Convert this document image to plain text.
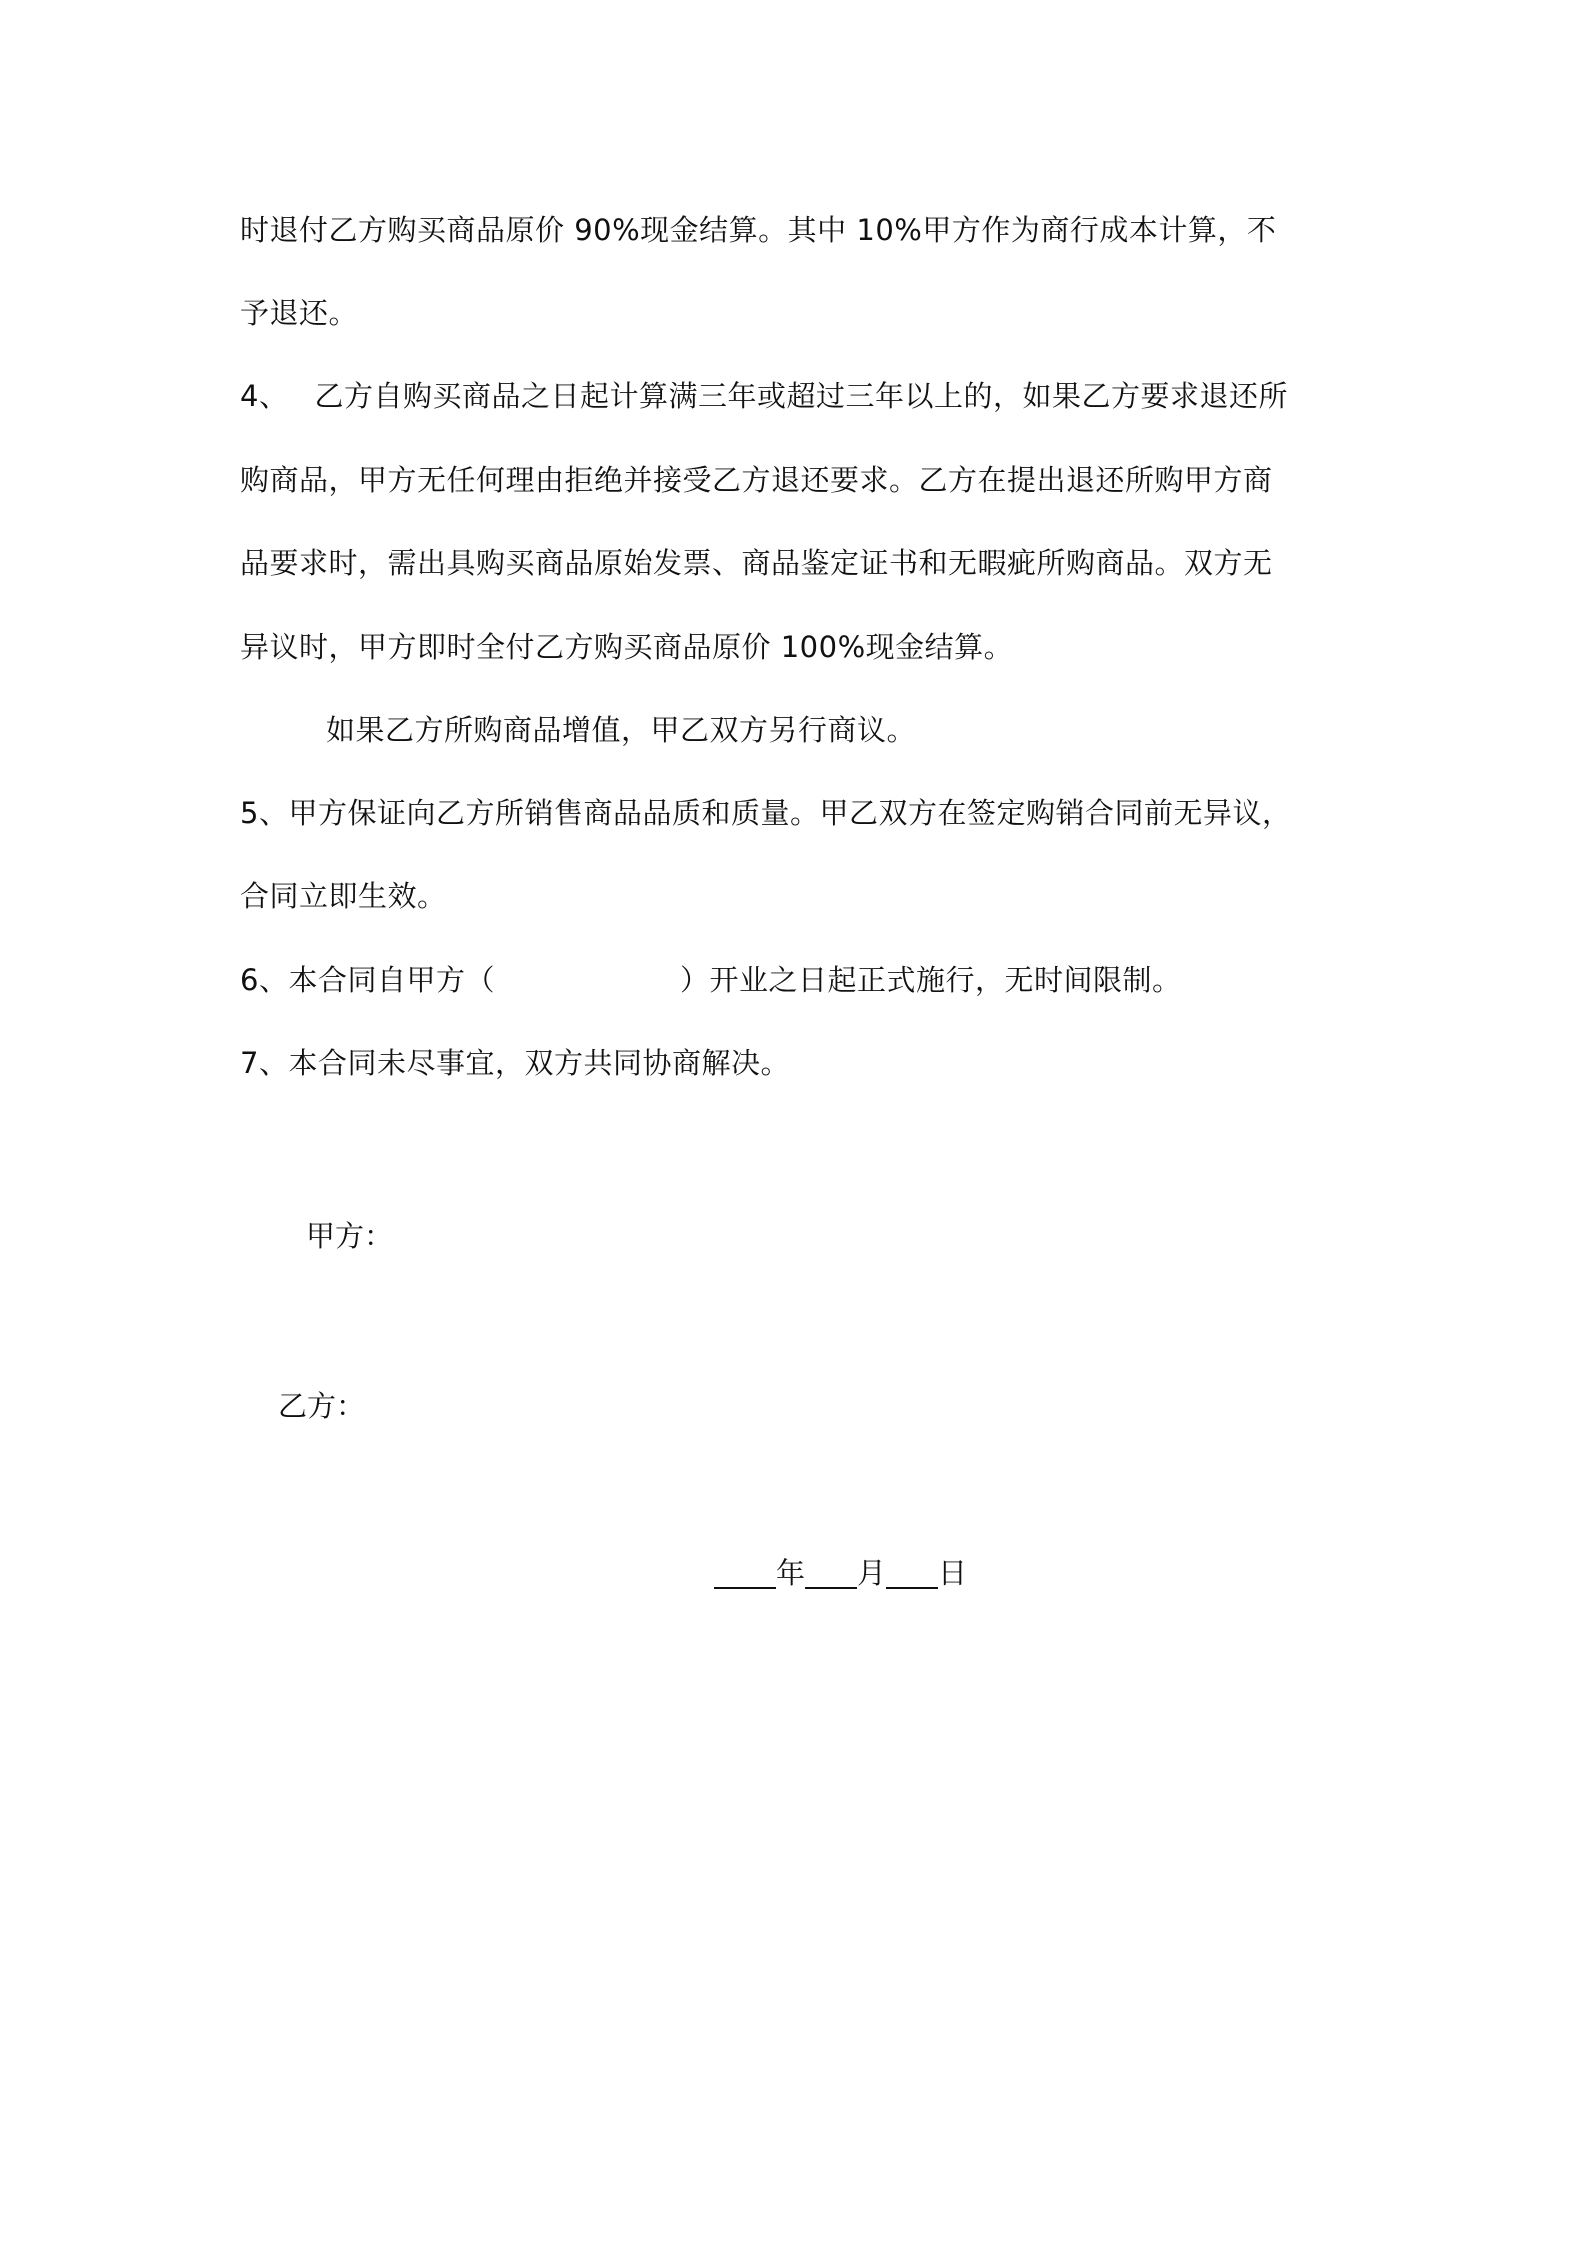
时退付乙方购买商品原价 90%现金结算。其中 10%甲方作为商行成本计算，不
予退还。
4、 乙方自购买商品之日起计算满三年或超过三年以上的，如果乙方要求退还所
购商品，甲方无任何理由拒绝并接受乙方退还要求。乙方在提出退还所购甲方商
品要求时，需出具购买商品原始发票、商品鉴定证书和无暇疵所购商品。双方无
异议时，甲方即时全付乙方购买商品原价 100%现金结算。
如果乙方所购商品增值，甲乙双方另行商议。
5、甲方保证向乙方所销售商品品质和质量。甲乙双方在签定购销合同前无异议，
合同立即生效。
6、本合同自甲方（	）开业之日起正式施行，无时间限制。
7、本合同未尽事宜，双方共同协商解决。
甲方：
乙方：
年 月 日
